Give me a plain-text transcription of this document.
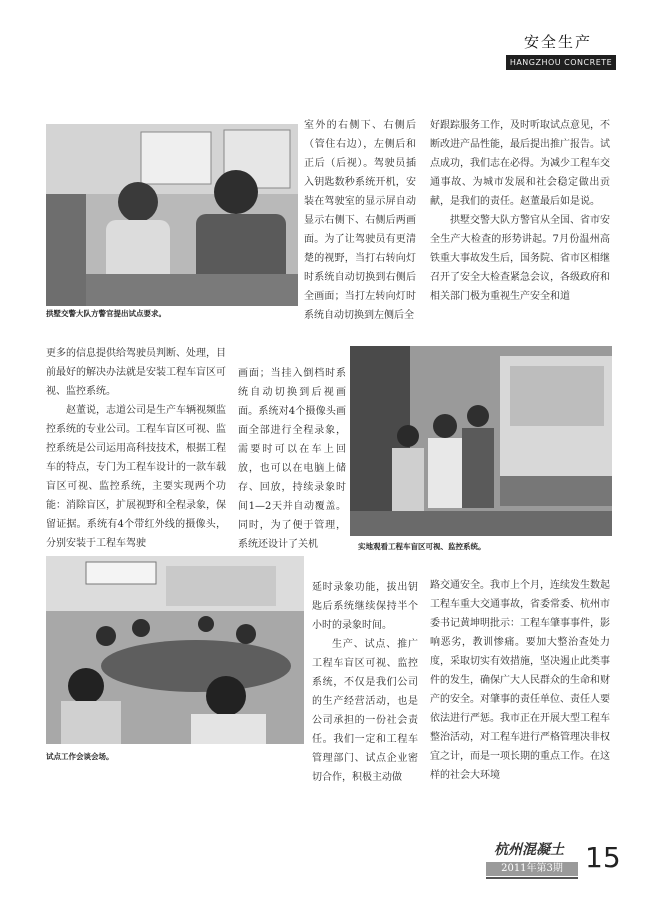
安全生产
HANGZHOU CONCRETE
拱墅交警大队方警官提出试点要求。

室外的右侧下、右侧后（管住右边），左侧后和正后（后视）。驾驶员插入钥匙数秒系统开机，安装在驾驶室的显示屏自动显示右侧下、右侧后两画面。为了让驾驶员有更清楚的视野，当打右转向灯时系统自动切换到右侧后全画面；当打左转向灯时系统自动切换到左侧后全

好跟踪服务工作，及时听取试点意见，不断改进产品性能，最后提出推广报告。试点成功，我们志在必得。为减少工程车交通事故、为城市发展和社会稳定做出贡献，是我们的责任。赵董最后如是说。

拱墅交警大队方警官从全国、省市安全生产大检查的形势讲起。7月份温州高铁重大事故发生后，国务院、省市区相继召开了安全大检查紧急会议，各级政府和相关部门极为重视生产安全和道

更多的信息提供给驾驶员判断、处理，目前最好的解决办法就是安装工程车盲区可视、监控系统。

赵董说，志道公司是生产车辆视频监控系统的专业公司。工程车盲区可视、监控系统是公司运用高科技技术，根据工程车的特点，专门为工程车设计的一款车载盲区可视、监控系统，主要实现两个功能：消除盲区，扩展视野和全程录象，保留证据。系统有4个带红外线的摄像头，分别安装于工程车驾驶

画面；当挂入倒档时系统自动切换到后视画面。系统对4个摄像头画面全部进行全程录象，需要时可以在车上回放，也可以在电脑上储存、回放，持续录象时间1—2天并自动覆盖。同时，为了便于管理，系统还设计了关机	实地观看工程车盲区可视、监控系统。
试点工作会谈会场。

延时录象功能，拔出钥匙后系统继续保持半个小时的录象时间。

生产、试点、推广工程车盲区可视、监控系统，不仅是我们公司的生产经营活动，也是公司承担的一份社会责任。我们一定和工程车管理部门、试点企业密切合作，积极主动做

路交通安全。我市上个月，连续发生数起工程车重大交通事故，省委常委、杭州市委书记黄坤明批示：工程车肇事事件，影响恶劣，教训惨痛。要加大整治查处力度，采取切实有效措施，坚决遏止此类事件的发生，确保广大人民群众的生命和财产的安全。对肇事的责任单位、责任人要依法进行严惩。我市正在开展大型工程车整治活动，对工程车进行严格管理决非权宜之计，而是一项长期的重点工作。在这样的社会大环境

杭州混凝土
2011年第3期 15
